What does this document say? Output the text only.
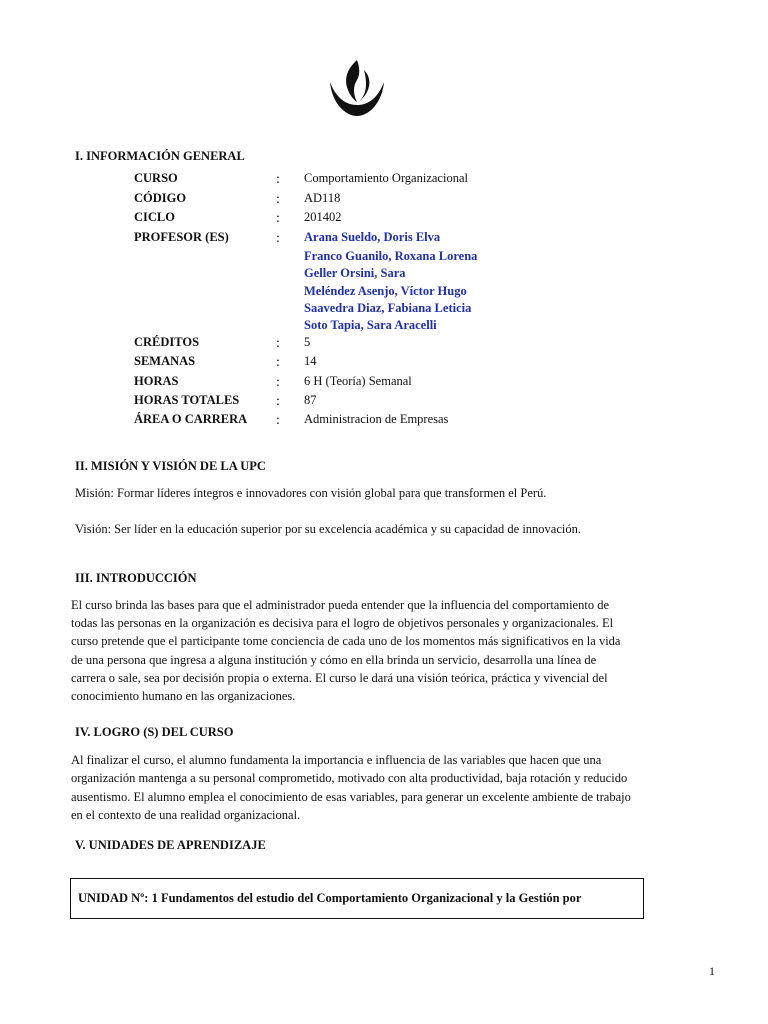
I. INFORMACIÓN GENERAL
CURSO	: Comportamiento Organizacional
CÓDIGO	: AD118
CICLO	: 201402
PROFESOR (ES)	: Arana Sueldo, Doris Elva
Franco Guanilo, Roxana Lorena
Geller Orsini, Sara
Meléndez Asenjo, Víctor Hugo
Saavedra Diaz, Fabiana Leticia
Soto Tapia, Sara Aracelli
CRÉDITOS	: 5
SEMANAS	: 14
HORAS	: 6 H (Teoría) Semanal
HORAS TOTALES	: 87
ÁREA O CARRERA : Administracion de Empresas
II. MISIÓN Y VISIÓN DE LA UPC
Misión: Formar líderes íntegros e innovadores con visión global para que transformen el Perú.
Visión: Ser líder en la educación superior por su excelencia académica y su capacidad de innovación.
III. INTRODUCCIÓN
El curso brinda las bases para que el administrador pueda entender que la influencia del comportamiento de
todas las personas en la organización es decisiva para el logro de objetivos personales y organizacionales. El
curso pretende que el participante tome conciencia de cada uno de los momentos más significativos en la vida
de una persona que ingresa a alguna institución y cómo en ella brinda un servicio, desarrolla una línea de
carrera o sale, sea por decisión propia o externa. El curso le dará una visión teórica, práctica y vivencial del
conocimiento humano en las organizaciones.
IV. LOGRO (S) DEL CURSO
Al finalizar el curso, el alumno fundamenta la importancia e influencia de las variables que hacen que una
organización mantenga a su personal comprometido, motivado con alta productividad, baja rotación y reducido
ausentismo. El alumno emplea el conocimiento de esas variables, para generar un excelente ambiente de trabajo
en el contexto de una realidad organizacional.
V. UNIDADES DE APRENDIZAJE
UNIDAD Nº: 1 Fundamentos del estudio del Comportamiento Organizacional y la Gestión por
1
